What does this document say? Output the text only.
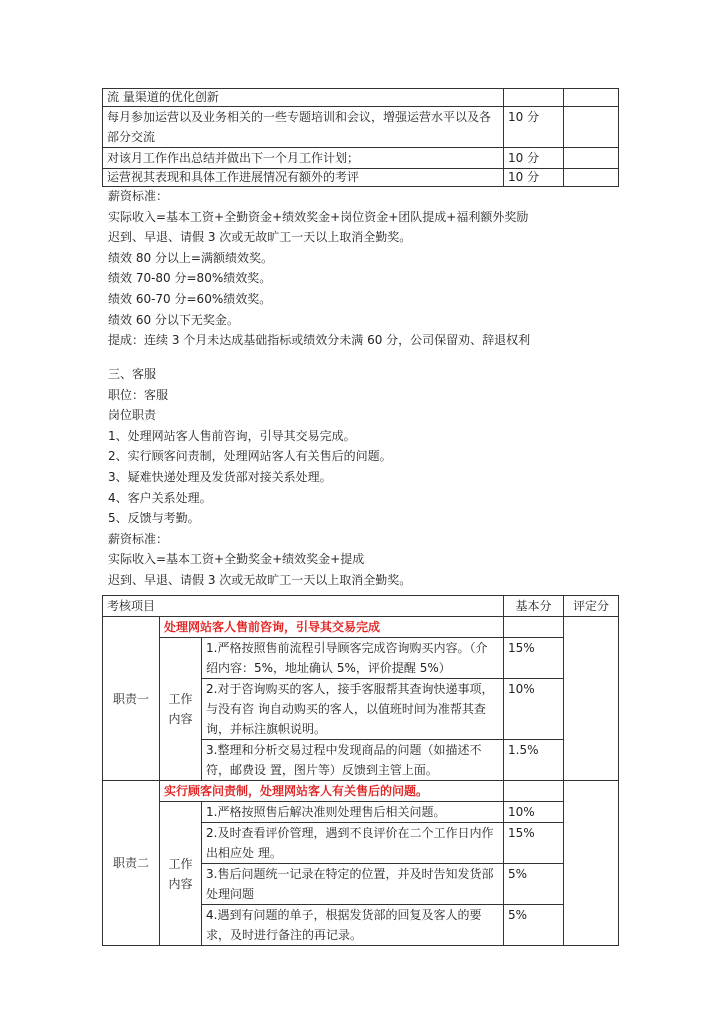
流 量渠道的优化创新		
每月参加运营以及业务相关的一些专题培训和会议，增强运营水平以及各 部分交流	10 分	
对该月工作作出总结并做出下一个月工作计划；	10 分	
运营视其表现和具体工作进展情况有额外的考评	10 分	
薪资标准：
实际收入=基本工资+全勤资金+绩效奖金+岗位资金+团队提成+福利额外奖励
迟到、早退、请假 3 次或无故旷工一天以上取消全勤奖。
绩效 80 分以上=满额绩效奖。
绩效 70-80 分=80%绩效奖。
绩效 60-70 分=60%绩效奖。
绩效 60 分以下无奖金。
提成：连续 3 个月未达成基础指标或绩效分未满 60 分，公司保留劝、辞退权利
三、客服
职位：客服
岗位职责
1、处理网站客人售前咨询，引导其交易完成。
2、实行顾客问责制，处理网站客人有关售后的问题。
3、疑难快递处理及发货部对接关系处理。
4、客户关系处理。
5、反馈与考勤。
薪资标准：
实际收入=基本工资+全勤奖金+绩效奖金+提成
迟到、早退、请假 3 次或无故旷工一天以上取消全勤奖。
考核项目			基本分	评定分
职责一	处理网站客人售前咨询，引导其交易完成			
	工作内容	1.严格按照售前流程引导顾客完成咨询购买内容。（介绍内容：5%，地址确认 5%，评价提醒 5%）	15%	
		2.对于咨询购买的客人，接手客服帮其查询快递事项，与没有咨 询自动购买的客人，以值班时间为准帮其查询，并标注旗帜说明。	10%	
		3.整理和分析交易过程中发现商品的问题（如描述不符，邮费设 置，图片等）反馈到主管上面。	1.5%	
职责二	实行顾客问责制，处理网站客人有关售后的问题。			
	工作内容	1.严格按照售后解决准则处理售后相关问题。	10%	
		2.及时查看评价管理，遇到不良评价在二个工作日内作出相应处 理。	15%	
		3.售后问题统一记录在特定的位置，并及时告知发货部处理问题	5%	
		4.遇到有问题的单子，根据发货部的回复及客人的要求，及时进行备注的再记录。	5%	
